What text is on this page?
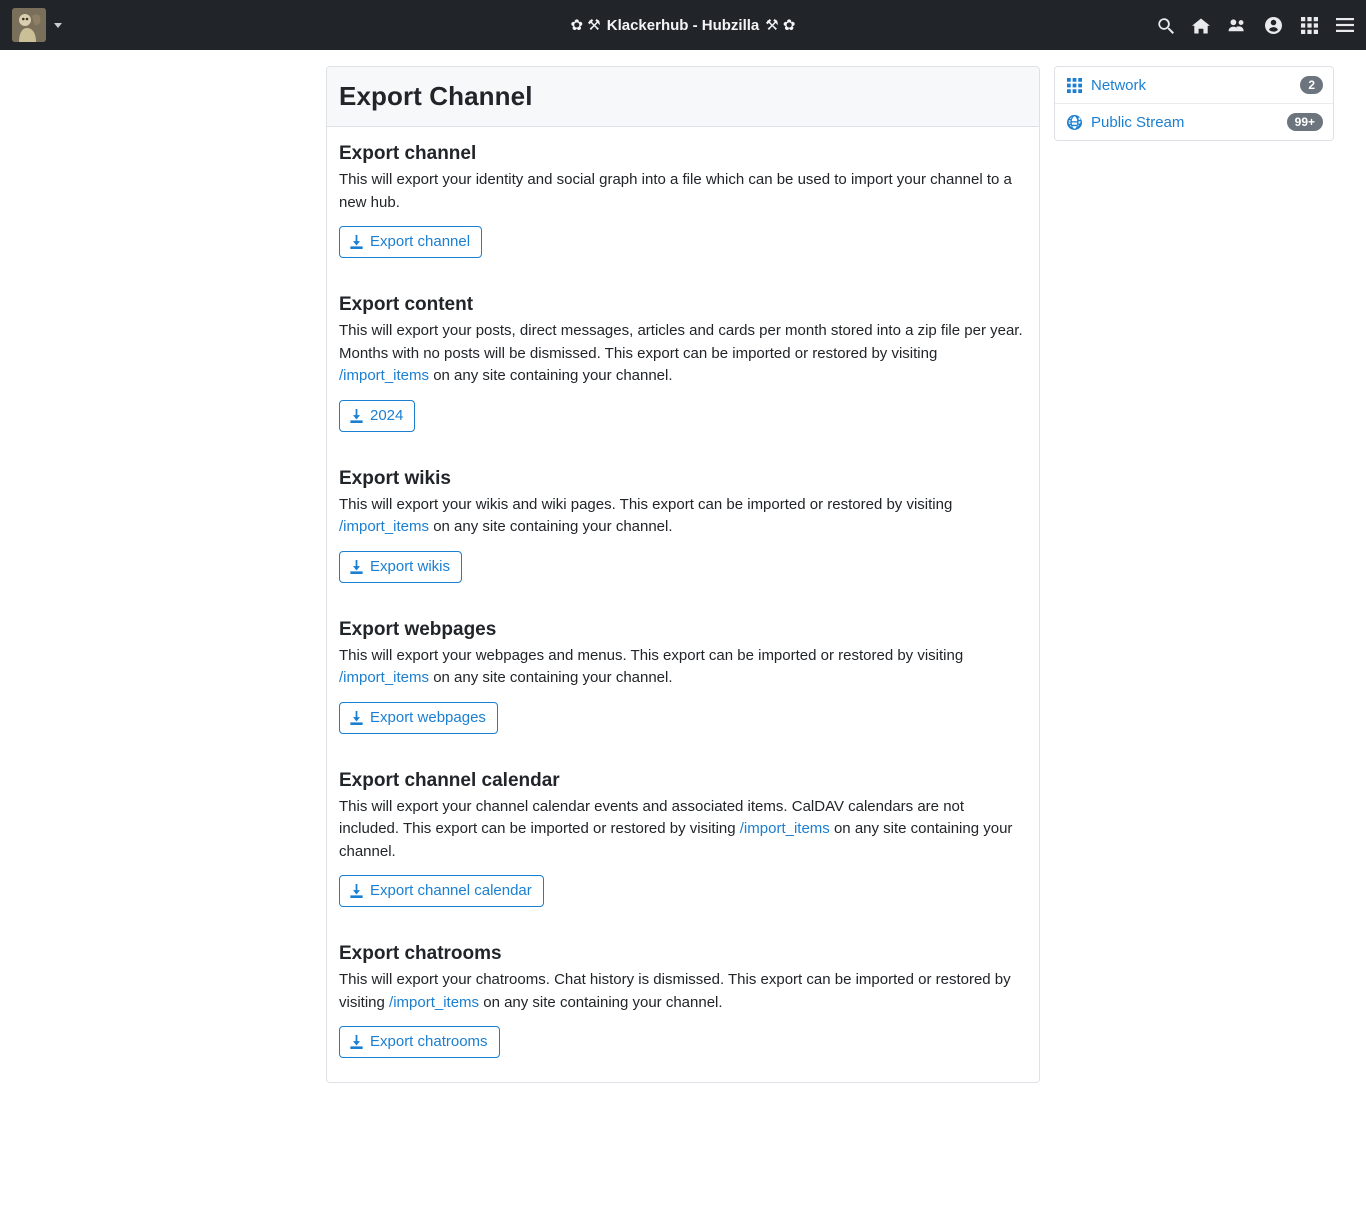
✿ ⚒ Klackerhub - Hubzilla ⚒ ✿
Export Channel
Export channel

This will export your identity and social graph into a file which can be used to import your channel to a new hub.

Export channel
Export content

This will export your posts, direct messages, articles and cards per month stored into a zip file per year. Months with no posts will be dismissed. This export can be imported or restored by visiting /import_items on any site containing your channel.

2024
Export wikis

This will export your wikis and wiki pages. This export can be imported or restored by visiting /import_items on any site containing your channel.

Export wikis
Export webpages

This will export your webpages and menus. This export can be imported or restored by visiting /import_items on any site containing your channel.

Export webpages
Export channel calendar

This will export your channel calendar events and associated items. CalDAV calendars are not included. This export can be imported or restored by visiting /import_items on any site containing your channel.

Export channel calendar
Export chatrooms

This will export your chatrooms. Chat history is dismissed. This export can be imported or restored by visiting /import_items on any site containing your channel.

Export chatrooms
Network	2
Public Stream	99+
